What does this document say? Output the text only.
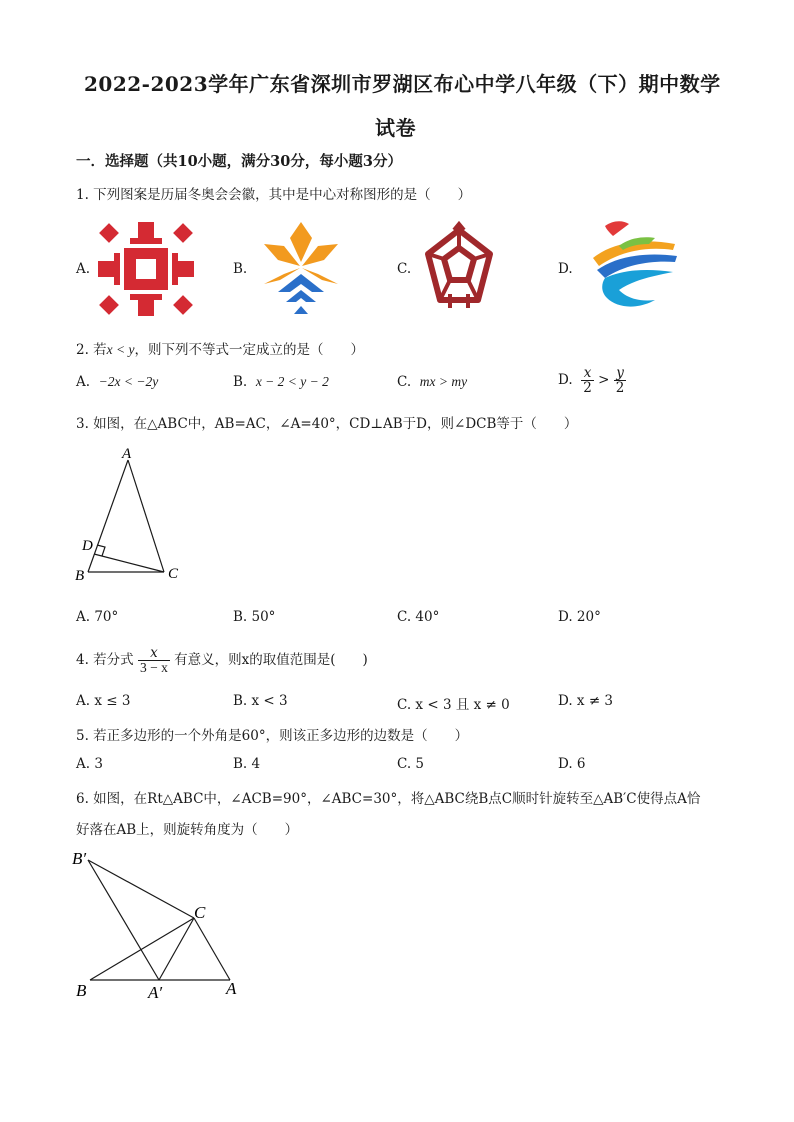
2022-2023学年广东省深圳市罗湖区布心中学八年级（下）期中数学
试卷
一．选择题（共10小题，满分30分，每小题3分）
1. 下列图案是历届冬奥会会徽，其中是中心对称图形的是（　　）
A.	B.	C.	D.
2. 若x < y，则下列不等式一定成立的是（　　）
A. −2x < −2y	B. x − 2 < y − 2	C. mx > my	D. $\frac{x}{2} > \frac{y}{2}$
3. 如图，在△ABC中，AB=AC，∠A=40°，CD⊥AB于D，则∠DCB等于（　　）
A
D
B	C
A. 70°	B. 50°	C. 40°	D. 20°
4. 若分式 $\frac{x}{3 - x}$ 有意义，则x的取值范围是(　　)
A. x ≤ 3	B. x < 3	C. x < 3 且 x ≠ 0	D. x ≠ 3
5. 若正多边形的一个外角是60°，则该正多边形的边数是（　　）
A. 3	B. 4	C. 5	D. 6
6. 如图，在Rt△ABC中，∠ACB=90°，∠ABC=30°，将△ABC绕B点C顺时针旋转至△AB′C使得点A恰
好落在AB上，则旋转角度为（　　）
B′
C
B	A′	A
